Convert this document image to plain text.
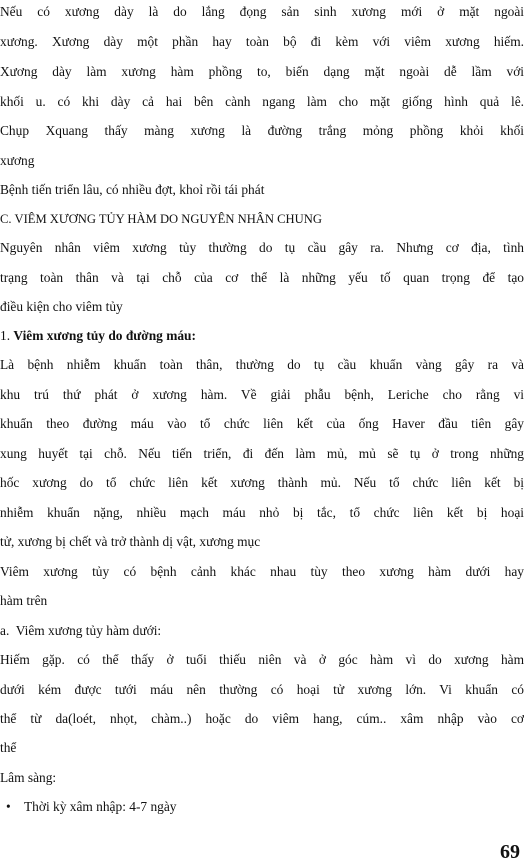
Nếu có xương dày là do lắng đọng sản sinh xương mới ở mặt ngoài
xương. Xương dày một phần hay toàn bộ đi kèm với viêm xương hiếm.
Xương dày làm xương hàm phồng to, biến dạng mặt ngoài dễ lầm với
khối u. có khi dày cả hai bên cành ngang làm cho mặt giống hình quả lê.
Chụp Xquang thấy màng xương là đường trắng mỏng phồng khỏi khối
xương
Bệnh tiến triển lâu, có nhiều đợt, khoỉ rồi tái phát
C. VIÊM XƯƠNG TỦY HÀM DO NGUYÊN NHÂN CHUNG
Nguyên nhân viêm xương tủy thường do tụ cầu gây ra. Nhưng cơ địa, tình
trạng toàn thân và tại chỗ của cơ thể là những yếu tố quan trọng để tạo
điều kiện cho viêm tủy
1. Viêm xương tủy do đường máu:
Là bệnh nhiễm khuẩn toàn thân, thường do tụ cầu khuẩn vàng gây ra và
khu trú thứ phát ở xương hàm. Về giải phẫu bệnh, Leriche cho rằng vi
khuẩn theo đường máu vào tổ chức liên kết của ống Haver đầu tiên gây
xung huyết tại chỗ. Nếu tiến triển, đi đến làm mủ, mủ sẽ tụ ở trong những
hốc xương do tổ chức liên kết xương thành mủ. Nếu tổ chức liên kết bị
nhiễm khuẩn nặng, nhiều mạch máu nhỏ bị tắc, tổ chức liên kết bị hoại
tử, xương bị chết và trở thành dị vật, xương mục
Viêm xương tủy có bệnh cảnh khác nhau tùy theo xương hàm dưới hay
hàm trên
a.  Viêm xương tủy hàm dưới:
Hiếm gặp. có thể thấy ở tuổi thiếu niên và ở góc hàm vì do xương hàm
dưới kém được tưới máu nên thường có hoại tử xương lớn. Vi khuẩn có
thể từ da(loét, nhọt, chàm..) hoặc do viêm hang, cúm.. xâm nhập vào cơ
thể
Lâm sàng:
• Thời kỳ xâm nhập: 4-7 ngày
69
